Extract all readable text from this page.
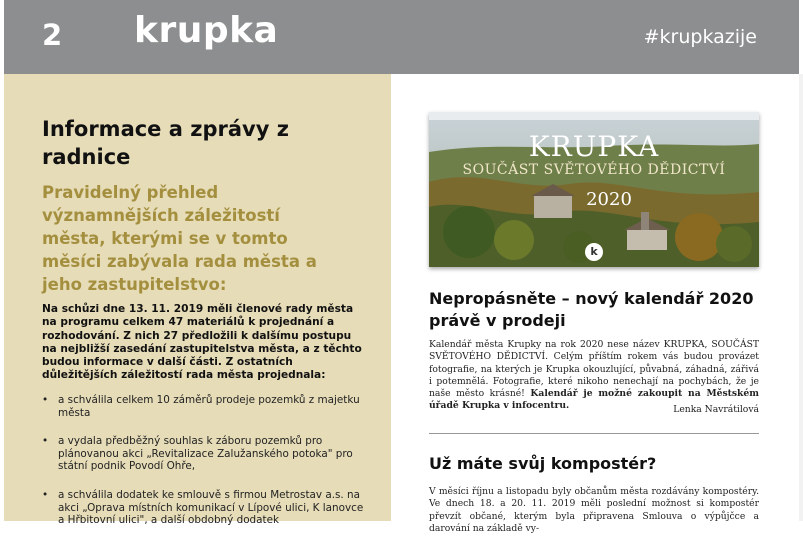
2 krupka	#krupkazije
Informace a zprávy z radnice
Pravidelný přehled významnějších záležitostí města, kterými se v tomto měsíci zabývala rada města a jeho zastupitelstvo:

Na schůzi dne 13. 11. 2019 měli členové rady města na programu celkem 47 materiálů k projednání a rozhodování. Z nich 27 předložili k dalšímu postupu na nejbližší zasedání zastupitelstva města, a z těchto budou informace v další části. Z ostatních důležitějších záležitostí rada města projednala:

• a schválila celkem 10 záměrů prodeje pozemků z majetku města
• a vydala předběžný souhlas k záboru pozemků pro plánovanou akci „Revitalizace Zalužanského potoka" pro státní podnik Povodí Ohře,
• a schválila dodatek ke smlouvě s firmou Metrostav a.s. na akci „Oprava místních komunikací v Lípové ulici, K lanovce a Hřbitovní ulici", a další obdobný dodatek
KRUPKA
SOUČÁST SVĚTOVÉHO DĚDICTVÍ
2020
k
Nepropásněte – nový kalendář 2020 právě v prodeji

Kalendář města Krupky na rok 2020 nese název KRUPKA, SOUČÁST SVĚTOVÉHO DĚDICTVÍ. Celým příštím rokem vás budou provázet fotografie, na kterých je Krupka okouzlující, půvabná, záhadná, zářivá i potemnělá. Fotografie, které nikoho nenechají na pochybách, že je naše město krásné! Kalendář je možné zakoupit na Městském úřadě Krupka v infocentru.	Lenka Navrátilová

Už máte svůj kompostér?

V měsíci říjnu a listopadu byly občanům města rozdávány kompostéry. Ve dnech 18. a 20. 11. 2019 měli poslední možnost si kompostér převzít občané, kterým byla připravena Smlouva o výpůjčce a darování na základě vy-
